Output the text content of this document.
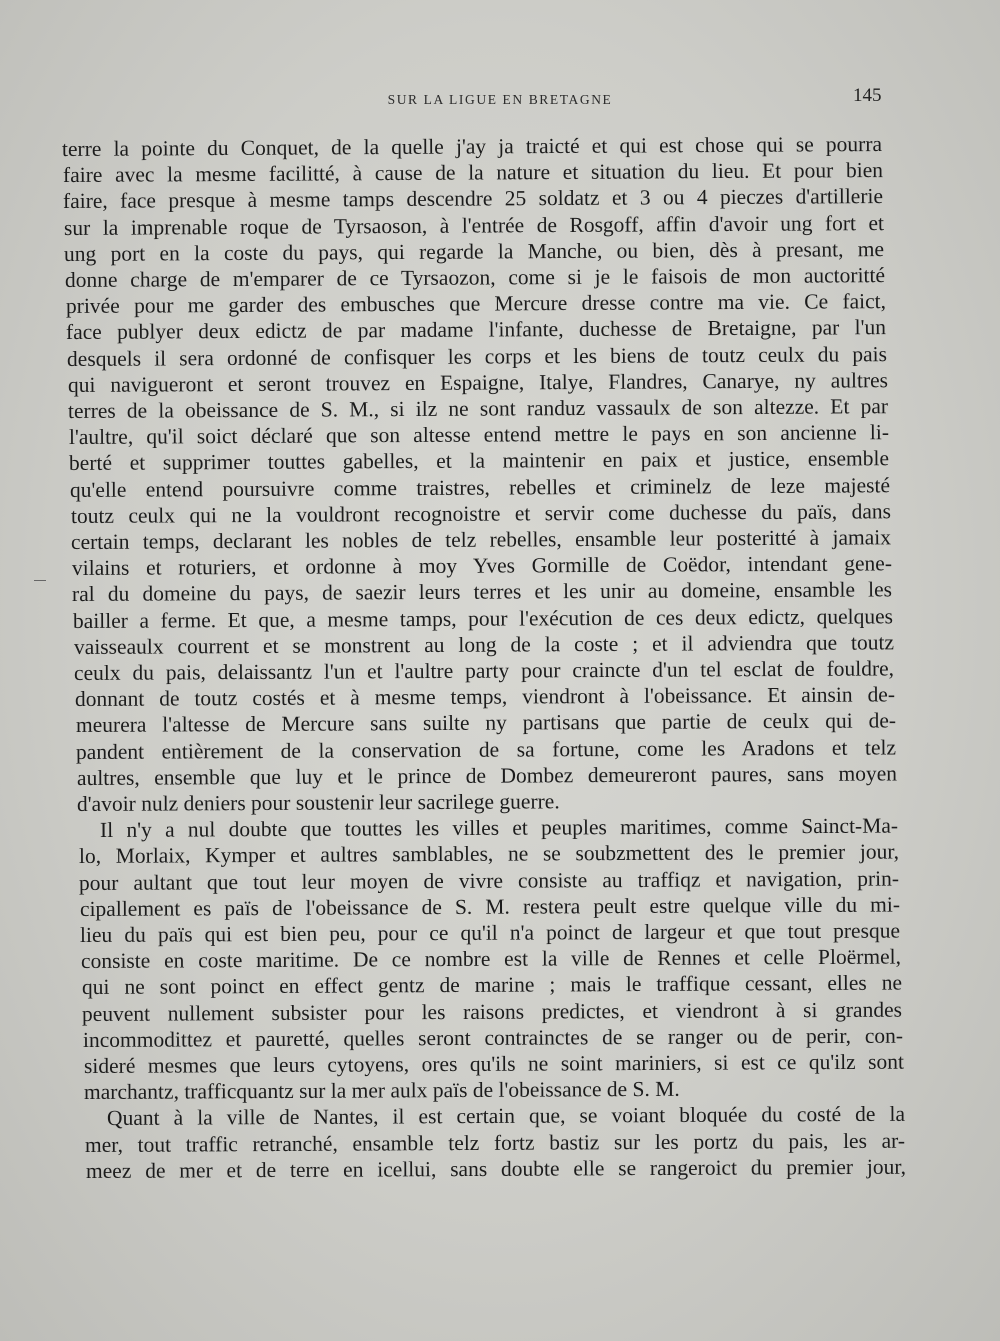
SUR LA LIGUE EN BRETAGNE	145
terre la pointe du Conquet, de la quelle j'ay ja traicté et qui est chose qui se pourra
faire avec la mesme facilitté, à cause de la nature et situation du lieu. Et pour bien
faire, face presque à mesme tamps descendre 25 soldatz et 3 ou 4 pieczes d'artillerie
sur la imprenable roque de Tyrsaoson, à l'entrée de Rosgoff, affin d'avoir ung fort et
ung port en la coste du pays, qui regarde la Manche, ou bien, dès à presant, me
donne charge de m'emparer de ce Tyrsaozon, come si je le faisois de mon auctoritté
privée pour me garder des embusches que Mercure dresse contre ma vie. Ce faict,
face publyer deux edictz de par madame l'infante, duchesse de Bretaigne, par l'un
desquels il sera ordonné de confisquer les corps et les biens de toutz ceulx du pais
qui navigueront et seront trouvez en Espaigne, Italye, Flandres, Canarye, ny aultres
terres de la obeissance de S. M., si ilz ne sont randuz vassaulx de son altezze. Et par
l'aultre, qu'il soict déclaré que son altesse entend mettre le pays en son ancienne li-
berté et supprimer touttes gabelles, et la maintenir en paix et justice, ensemble
qu'elle entend poursuivre comme traistres, rebelles et criminelz de leze majesté
toutz ceulx qui ne la vouldront recognoistre et servir come duchesse du païs, dans
certain temps, declarant les nobles de telz rebelles, ensamble leur posteritté à jamaix
vilains et roturiers, et ordonne à moy Yves Gormille de Coëdor, intendant gene-
ral du domeine du pays, de saezir leurs terres et les unir au domeine, ensamble les
bailler a ferme. Et que, a mesme tamps, pour l'exécution de ces deux edictz, quelques
vaisseaulx courrent et se monstrent au long de la coste ; et il adviendra que toutz
ceulx du pais, delaissantz l'un et l'aultre party pour craincte d'un tel esclat de fouldre,
donnant de toutz costés et à mesme temps, viendront à l'obeissance. Et ainsin de-
meurera l'altesse de Mercure sans suilte ny partisans que partie de ceulx qui de-
pandent entièrement de la conservation de sa fortune, come les Aradons et telz
aultres, ensemble que luy et le prince de Dombez demeureront paures, sans moyen
d'avoir nulz deniers pour soustenir leur sacrilege guerre.
Il n'y a nul doubte que touttes les villes et peuples maritimes, comme Sainct-Ma-
lo, Morlaix, Kymper et aultres samblables, ne se soubzmettent des le premier jour,
pour aultant que tout leur moyen de vivre consiste au traffiqz et navigation, prin-
cipallement es païs de l'obeissance de S. M. restera peult estre quelque ville du mi-
lieu du païs qui est bien peu, pour ce qu'il n'a poinct de largeur et que tout presque
consiste en coste maritime. De ce nombre est la ville de Rennes et celle Ploërmel,
qui ne sont poinct en effect gentz de marine ; mais le traffique cessant, elles ne
peuvent nullement subsister pour les raisons predictes, et viendront à si grandes
incommodittez et pauretté, quelles seront contrainctes de se ranger ou de perir, con-
sideré mesmes que leurs cytoyens, ores qu'ils ne soint mariniers, si est ce qu'ilz sont
marchantz, trafficquantz sur la mer aulx païs de l'obeissance de S. M.
Quant à la ville de Nantes, il est certain que, se voiant bloquée du costé de la
mer, tout traffic retranché, ensamble telz fortz bastiz sur les portz du pais, les ar-
meez de mer et de terre en icellui, sans doubte elle se rangeroict du premier jour,
